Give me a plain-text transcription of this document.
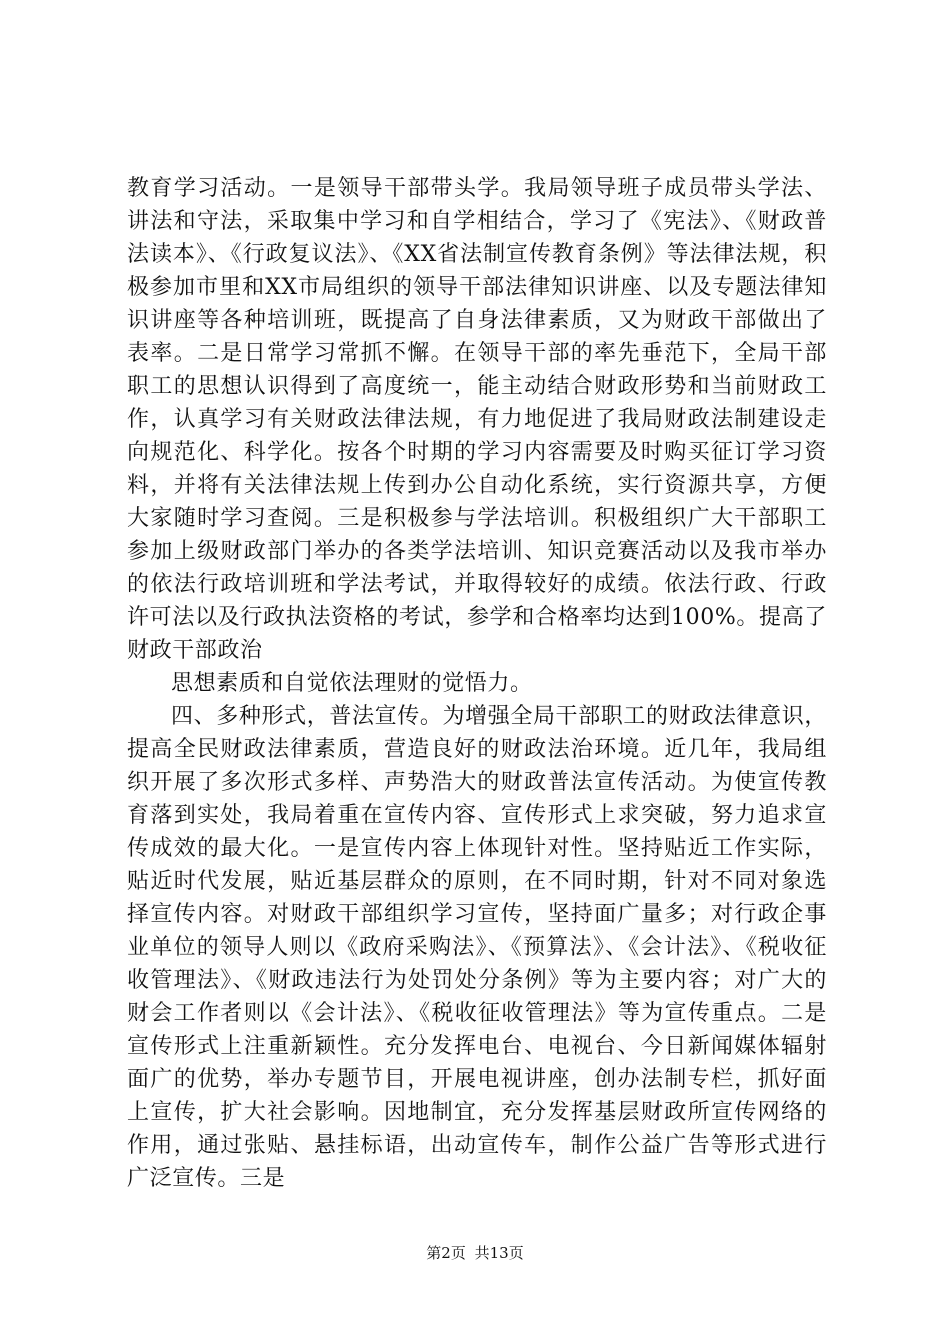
教育学习活动。一是领导干部带头学。我局领导班子成员带头学法、讲法和守法，采取集中学习和自学相结合，学习了《宪法》、《财政普法读本》、《行政复议法》、《XX省法制宣传教育条例》等法律法规，积极参加市里和XX市局组织的领导干部法律知识讲座、以及专题法律知识讲座等各种培训班，既提高了自身法律素质，又为财政干部做出了表率。二是日常学习常抓不懈。在领导干部的率先垂范下，全局干部职工的思想认识得到了高度统一，能主动结合财政形势和当前财政工作，认真学习有关财政法律法规，有力地促进了我局财政法制建设走向规范化、科学化。按各个时期的学习内容需要及时购买征订学习资料，并将有关法律法规上传到办公自动化系统，实行资源共享，方便大家随时学习查阅。三是积极参与学法培训。积极组织广大干部职工参加上级财政部门举办的各类学法培训、知识竞赛活动以及我市举办的依法行政培训班和学法考试，并取得较好的成绩。依法行政、行政许可法以及行政执法资格的考试，参学和合格率均达到100%。提高了财政干部政治

思想素质和自觉依法理财的觉悟力。

四、多种形式，普法宣传。为增强全局干部职工的财政法律意识，提高全民财政法律素质，营造良好的财政法治环境。近几年，我局组织开展了多次形式多样、声势浩大的财政普法宣传活动。为使宣传教育落到实处，我局着重在宣传内容、宣传形式上求突破，努力追求宣传成效的最大化。一是宣传内容上体现针对性。坚持贴近工作实际，贴近时代发展，贴近基层群众的原则，在不同时期，针对不同对象选择宣传内容。对财政干部组织学习宣传，坚持面广量多；对行政企事业单位的领导人则以《政府采购法》、《预算法》、《会计法》、《税收征收管理法》、《财政违法行为处罚处分条例》等为主要内容；对广大的财会工作者则以《会计法》、《税收征收管理法》等为宣传重点。二是宣传形式上注重新颖性。充分发挥电台、电视台、今日新闻媒体辐射面广的优势，举办专题节目，开展电视讲座，创办法制专栏，抓好面上宣传，扩大社会影响。因地制宜，充分发挥基层财政所宣传网络的作用，通过张贴、悬挂标语，出动宣传车，制作公益广告等形式进行广泛宣传。三是

第2页 共13页
